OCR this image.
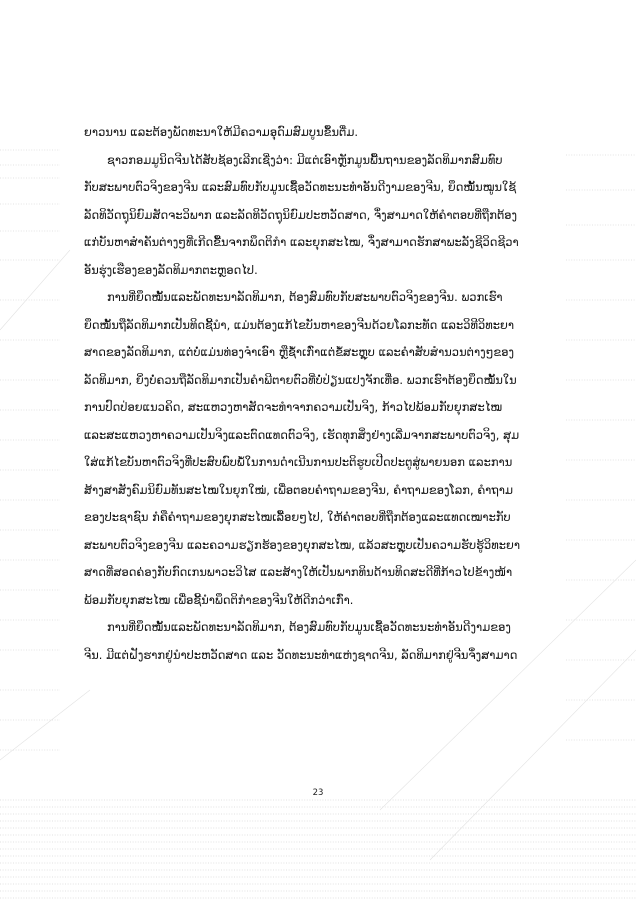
ຍາວນານ ແລະຕ້ອງພັດທະນາໃຫ້ມີຄວາມອຸດົມສົມບູນຂຶ້ນຕື່ມ.
ຊາວກອມມູນິດຈີນໄດ້ສັບຊ້ອງເລີກເຊີ່ງວ່າ: ມີແຕ່ເອົາຫຼັກມູນພື້ນຖານຂອງລັດທິມາກສົມທົບ
ກັບສະພາບຕົວຈິງຂອງຈີນ ແລະສົມທົບກັບມູນເຊື້ອວັດທະນະທຳອັນດີງາມຂອງຈີນ, ຍຶດໝັ້ນໝູນໃຊ້
ລັດທິວັດຖຸນິຍົມສັດຈະວິພາກ ແລະລັດທິວັດຖຸນິຍົມປະຫວັດສາດ, ຈຶ່ງສາມາດໃຫ້ຄຳຕອບທີ່ຖືກຕ້ອງ
ແກ່ບັນຫາສຳຄັນຕ່າງໆທີ່ເກີດຂື້ນຈາກພຶດຕິກຳ ແລະຍຸກສະໄໝ, ຈຶ່ງສາມາດຮັກສາພະລັງຊີວິດຊີວາ
ອັນຮຸ່ງເຮືອງຂອງລັດທິມາກຕະຫຼອດໄປ.
ການທີ່ຍຶດໝັ້ນແລະພັດທະນາລັດທິມາກ, ຕ້ອງສົມທົບກັບສະພາບຕົວຈິງຂອງຈີນ. ພວກເຮົາ
ຍຶດໝັ້ນຖືລັດທິມາກເປັນທິດຊີ້ນຳ, ແມ່ນຕ້ອງແກ້ໄຂບັນຫາຂອງຈີນດ້ວຍໂລກະທັດ ແລະວິທີວິທະຍາ
ສາດຂອງລັດທິມາກ, ແຕ່ບໍ່ແມ່ນທ່ອງຈຳເອົາ ຫຼືຊ້ຳເກົ່າແຕ່ຂໍ້ສະຫຼຸບ ແລະຄຳສັບສຳນວນຕ່າງໆຂອງ
ລັດທິມາກ, ຍິ່ງບໍ່ຄວນຖືລັດທິມາກເປັນຄຳພີຕາຍຕົວທີ່ບໍ່ປ່ຽນແປງຈັກເທື່ອ. ພວກເຮົາຕ້ອງຍຶດໝັ້ນໃນ
ການປົດປ່ອຍແນວຄິດ, ສະແຫວງຫາສັດຈະທຳຈາກຄວາມເປັນຈິງ, ກ້າວໄປພ້ອມກັບຍຸກສະໄໝ
ແລະສະແຫວງຫາຄວາມເປັນຈິງແລະຕົດແທດຕົວຈິງ, ເຮັດທຸກສິ່ງຢ່າງເລີ່ມຈາກສະພາບຕົວຈິງ, ສຸມ
ໃສ່ແກ້ໄຂບັນຫາຕົວຈິງທີ່ປະສົບພົບພໍ້ໃນການດຳເນີນການປະຕິຮູບເປີດປະຕູສູ່ພາຍນອກ ແລະການ
ສ້າງສາສັງຄົມນິຍົມທັນສະໄໝໃນຍຸກໃໝ່, ເພື່ອຕອບຄຳຖາມຂອງຈີນ, ຄຳຖາມຂອງໂລກ, ຄຳຖາມ
ຂອງປະຊາຊົນ ກໍຄືຄຳຖາມຂອງຍຸກສະໄໝເລື້ອຍໆໄປ, ໃຫ້ຄຳຕອບທີ່ຖືກຕ້ອງແລະແທດເໝາະກັບ
ສະພາບຕົວຈິງຂອງຈີນ ແລະຄວາມຮຽກຮ້ອງຂອງຍຸກສະໄໝ, ແລ້ວສະຫຼຸບເປັນຄວາມຮັບຮູ້ວິທະຍາ
ສາດທີ່ສອດຄ່ອງກັບກົດເກນພາວະວິໄສ ແລະສ້າງໃຫ້ເປັນພາກທິນດ້ານທິດສະດີທີ່ກ້າວໄປຂ້າງໜ້າ
ພ້ອມກັບຍຸກສະໄໝ ເພື່ອຊີ້ນຳພຶດຕິກຳຂອງຈີນໃຫ້ດີກວ່າເກົ່າ.
ການທີ່ຍຶດໝັ້ນແລະພັດທະນາລັດທິມາກ, ຕ້ອງສົມທົບກັບມູນເຊື້ອວັດທະນະທຳອັນດີງາມຂອງ
ຈີນ. ມີແຕ່ຝັງຮາກຢູ່ນຳປະຫວັດສາດ ແລະ ວັດທະນະທຳແຫ່ງຊາດຈີນ, ລັດທິມາກຢູ່ຈີນຈຶ່ງສາມາດ
23
